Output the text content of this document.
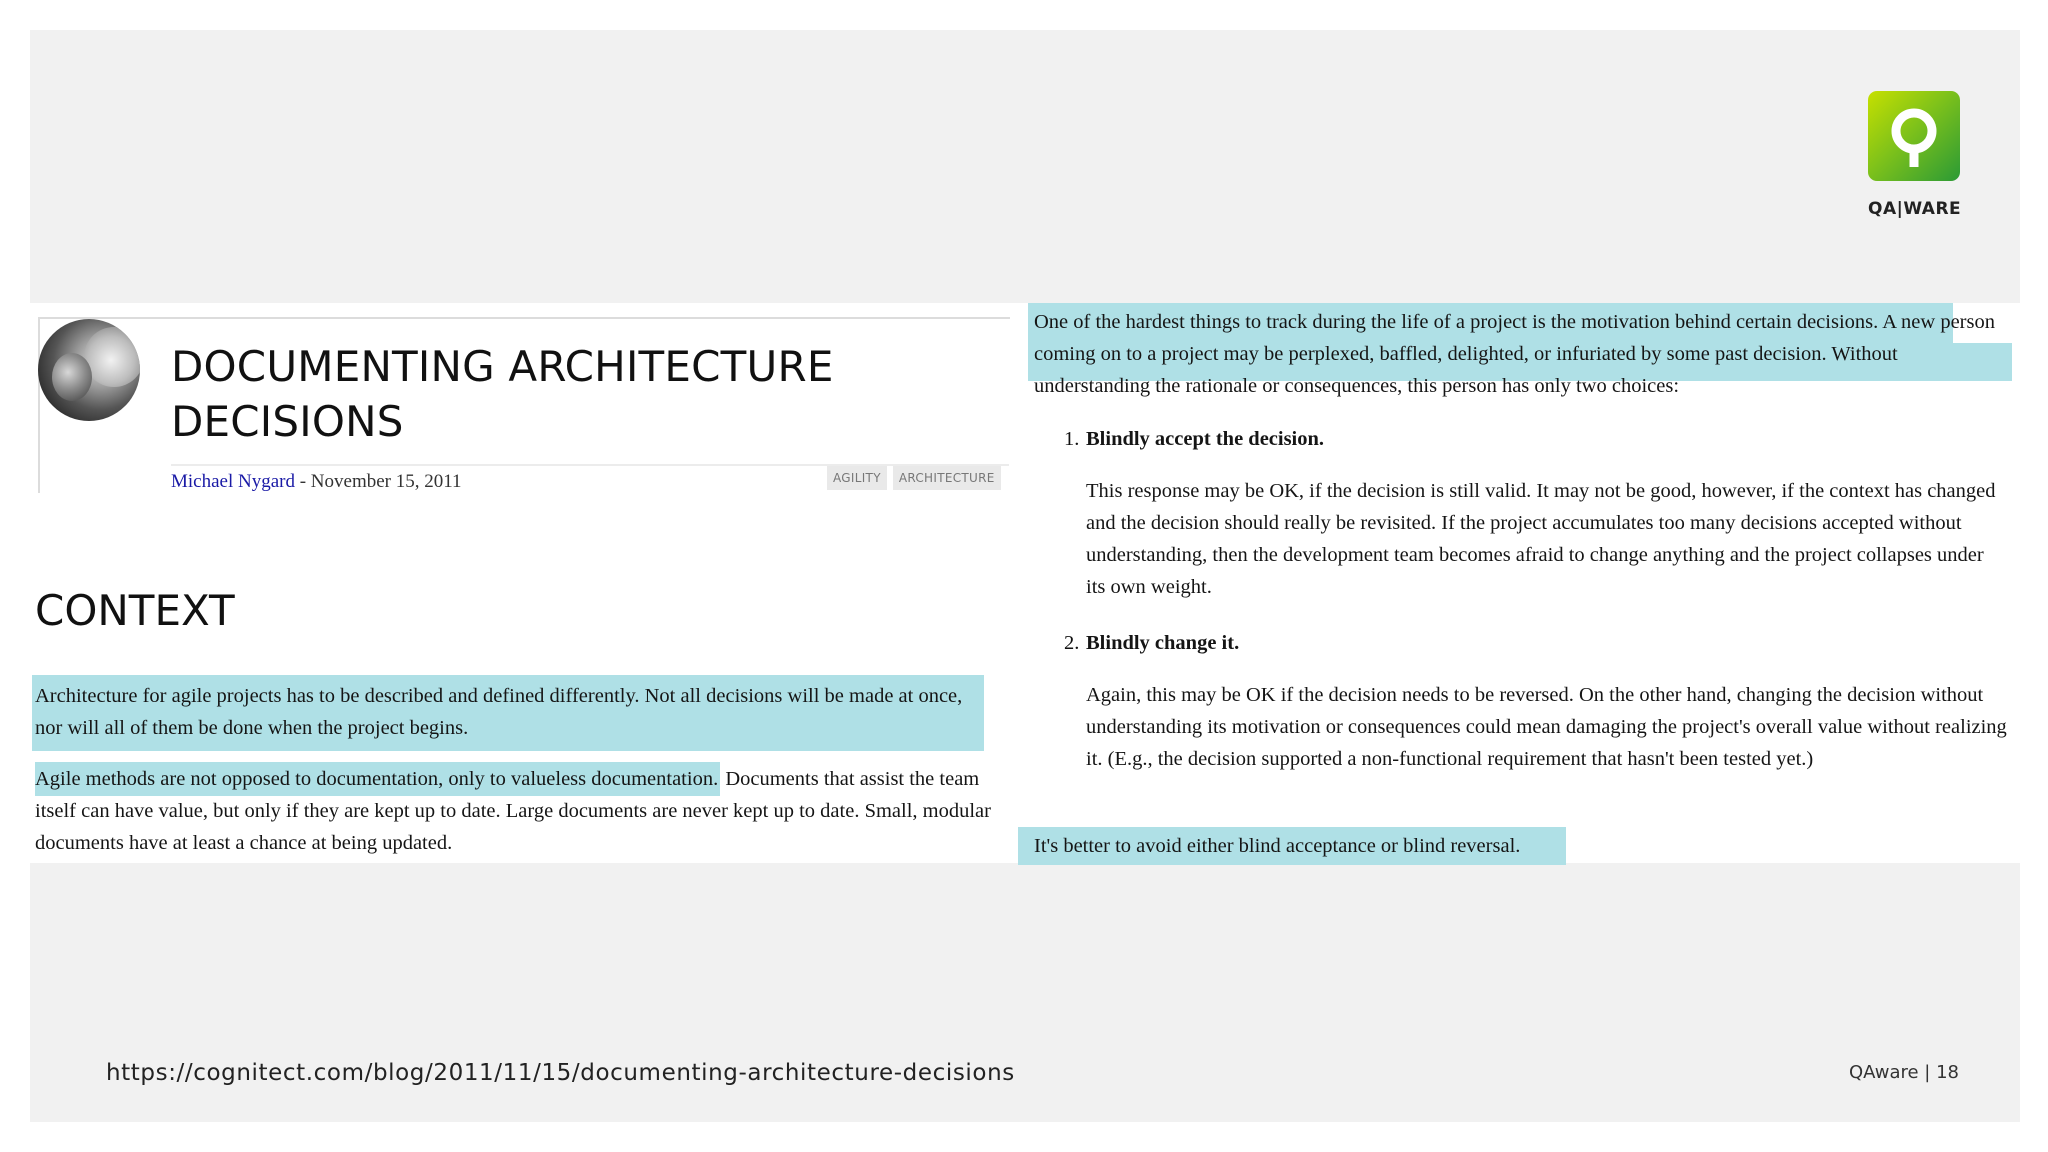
QA|WARE
DOCUMENTING ARCHITECTURE DECISIONS
Michael Nygard - November 15, 2011	AGILITY	ARCHITECTURE
CONTEXT

Architecture for agile projects has to be described and defined differently. Not all decisions will be made at once, nor will all of them be done when the project begins.

Agile methods are not opposed to documentation, only to valueless documentation. Documents that assist the team itself can have value, but only if they are kept up to date. Large documents are never kept up to date. Small, modular documents have at least a chance at being updated.

One of the hardest things to track during the life of a project is the motivation behind certain decisions. A new person coming on to a project may be perplexed, baffled, delighted, or infuriated by some past decision. Without understanding the rationale or consequences, this person has only two choices:

1. Blindly accept the decision.

This response may be OK, if the decision is still valid. It may not be good, however, if the context has changed and the decision should really be revisited. If the project accumulates too many decisions accepted without understanding, then the development team becomes afraid to change anything and the project collapses under its own weight.

2. Blindly change it.

Again, this may be OK if the decision needs to be reversed. On the other hand, changing the decision without understanding its motivation or consequences could mean damaging the project's overall value without realizing it. (E.g., the decision supported a non-functional requirement that hasn't been tested yet.)

It's better to avoid either blind acceptance or blind reversal.

https://cognitect.com/blog/2011/11/15/documenting-architecture-decisions	QAware | 18
